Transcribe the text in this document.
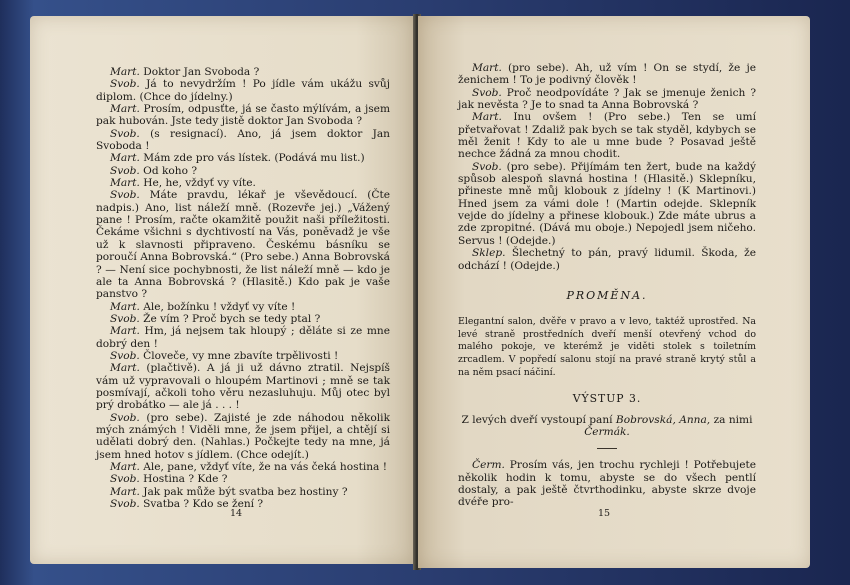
Mart. Doktor Jan Svoboda ?

Svob. Já to nevydržím ! Po jídle vám ukážu svůj diplom. (Chce do jídelny.)

Mart. Prosím, odpusťte, já se často mýlívám, a jsem pak hubován. Jste tedy jistě doktor Jan Svoboda ?

Svob. (s resignací). Ano, já jsem doktor Jan Svoboda !

Mart. Mám zde pro vás lístek. (Podává mu list.)

Svob. Od koho ?

Mart. He, he, vždyť vy víte.

Svob. Máte pravdu, lékař je vševědoucí. (Čte nadpis.) Ano, list náleží mně. (Rozevře jej.) „Vážený pane ! Prosím, račte okamžitě použit naši příležitosti. Čekáme všichni s dychtivostí na Vás, poněvadž je vše už k slavnosti připraveno. Českému básníku se poroučí Anna Bobrovská.“ (Pro sebe.) Anna Bobrovská ? — Není sice pochybnosti, že list náleží mně — kdo je ale ta Anna Bobrovská ? (Hlasitě.) Kdo pak je vaše panstvo ?

Mart. Ale, božínku ! vždyť vy víte !

Svob. Že vím ? Proč bych se tedy ptal ?

Mart. Hm, já nejsem tak hloupý ; děláte si ze mne dobrý den !

Svob. Človeče, vy mne zbavíte trpělivosti !

Mart. (plačtivě). A já ji už dávno ztratil. Nejspíš vám už vypravovali o hloupém Martinovi ; mně se tak posmívají, ačkoli toho věru nezasluhuju. Můj otec byl prý drobátko — ale já . . . !

Svob. (pro sebe). Zajisté je zde náhodou několik mých známých ! Viděli mne, že jsem přijel, a chtějí si udělati dobrý den. (Nahlas.) Počkejte tedy na mne, já jsem hned hotov s jídlem. (Chce odejít.)

Mart. Ale, pane, vždyť víte, že na vás čeká hostina !

Svob. Hostina ? Kde ?

Mart. Jak pak může být svatba bez hostiny ?

Svob. Svatba ? Kdo se žení ?

14

Mart. (pro sebe). Ah, už vím ! On se stydí, že je ženichem ! To je podivný člověk !

Svob. Proč neodpovídáte ? Jak se jmenuje ženich ? jak nevěsta ? Je to snad ta Anna Bobrovská ?

Mart. Inu ovšem ! (Pro sebe.) Ten se umí přetvařovat ! Zdaliž pak bych se tak styděl, kdybych se měl ženit ! Kdy to ale u mne bude ? Posavad ještě nechce žádná za mnou chodit.

Svob. (pro sebe). Přijímám ten žert, bude na každý spůsob alespoň slavná hostina ! (Hlasitě.) Sklepníku, přineste mně můj klobouk z jídelny ! (K Martinovi.) Hned jsem za vámi dole ! (Martin odejde. Sklepník vejde do jídelny a přinese klobouk.) Zde máte ubrus a zde zpropitné. (Dává mu oboje.) Nepojedl jsem ničeho. Servus ! (Odejde.)

Sklep. Šlechetný to pán, pravý lidumil. Škoda, že odchází ! (Odejde.)

PROMĚNA.

Elegantní salon, dvěře v pravo a v levo, taktéž uprostřed. Na levé straně prostředních dveří menší otevřený vchod do malého pokoje, ve kterémž je viděti stolek s toiletním zrcadlem. V popředí salonu stojí na pravé straně krytý stůl a na něm psací náčiní.

VÝSTUP 3.
Z levých dveří vystoupí paní Bobrovská, Anna, za nimi Čermák.

Čerm. Prosím vás, jen trochu rychleji ! Potřebujete několik hodin k tomu, abyste se do všech pentlí dostaly, a pak ještě čtvrthodinku, abyste skrze dvoje dvéře pro-

15
